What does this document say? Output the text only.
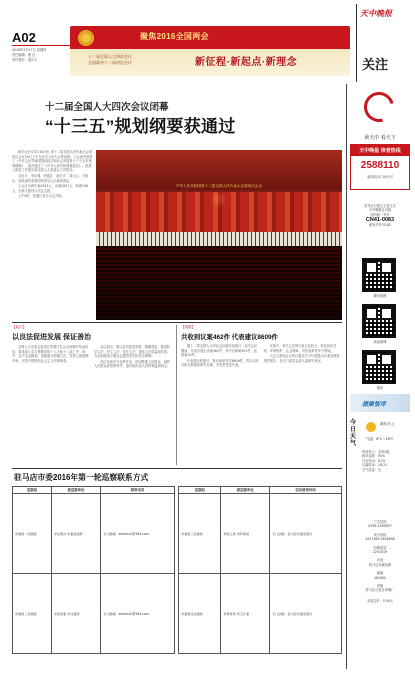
A02
2016年3月17日 星期四
责任编辑：曹 红
责任校对：胡吉平
聚焦2016全国两会
十二届全国人大四次会议
全国政协十二届四次会议	新征程·新起点·新理念
天中晚报
关注
十二届全国人大四次会议闭幕
“十三五”规划纲要获通过

新华社北京3月16日电 第十二届全国人民代表大会第四次会议16日上午在北京人民大会堂闭幕。大会表决批准了《中华人民共和国国民经济和社会发展第十三个五年规划纲要》，表决通过了《中华人民共和国慈善法》，批准了政府工作报告和全国人大常委会工作报告。

习近平、李克强、张德江、俞正声、刘云山、王岐山、张高丽等党和国家领导人出席闭幕会。

大会应出席代表2943人，出席2807人，缺席136人，出席人数符合法定人数。

上午9时，张德江宣布大会开始。

中华人民共和国第十二届全国人民代表大会第四次会议
【政法】
以良法促进发展 保证善治

全国人大常委会委员长张德江在会议闭幕时发表讲话，要求深入学习贯彻党的十八大和十八届三中、四中、五中全会精神，加强重点领域立法，坚持立改废释并举，完善中国特色社会主义法律体系。

会议指出，要以良法促进发展、保障善治，推进科学立法、民主立法、依法立法，提高立法质量和效率，为全面建成小康社会提供坚实的法治保障。

各位代表充分发挥作用，密切联系人民群众，倾听人民群众意见和呼声，更好地代表人民的利益和意志。

【数据】
共收到议案462件 代表建议8609件

据十二届全国人大四次会议秘书处统计，本次会议期间，代表共提出议案462件，其中法律案452件，监督案10件。

代表提出的建议、批评和意见共8609件，将交由有关机关和组织研究办理，并负责答复代表。

议案中，有关立法的议案占比较大，涉及民法总则、环境保护、社会保障、司法改革等多个领域。

大会主席团会议审议通过关于代表提出议案处理意见的报告，各专门委员会将认真研究审议。

驻马店市委2016年第一轮巡察联系方式
巡察组	被巡察单位	联络电话
市委第一巡察组	市文明办 市委统战部	专门邮箱：zmdxcz1@163.com
市委第二巡察组	市发改委 市住建局	专门邮箱：zmdxcz2@163.com
巡察组	被巡察单位	信访接待时间
市委第三巡察组	市国土局 市环保局	专门信箱：驻马店市委巡察办
市委第四巡察组	市教育局 市卫计委	专门信箱：驻马店市委巡察办
读天中 看天下
天中晚报 读者热线
2588110
新闻热线 24小时
驻马店日报社主管主办
天中晚报社出版
国内统一刊号
CN41-0083
邮发代号35-82
腾讯微博
新浪微博
微信
捷聚智库
今日天气
晴转多云
气温：6℃～18℃
风向风力：北风3级
相对湿度：50%
日出时间：6:25
日落时间：18:22
空气质量：良
广告热线
0396-2585697
发行热线
2871368 2858656
印刷质量
2251619
社址
驻马店市解放路
邮编
463000
印刷
驻马店日报社印刷厂
本报定价：0.50元
